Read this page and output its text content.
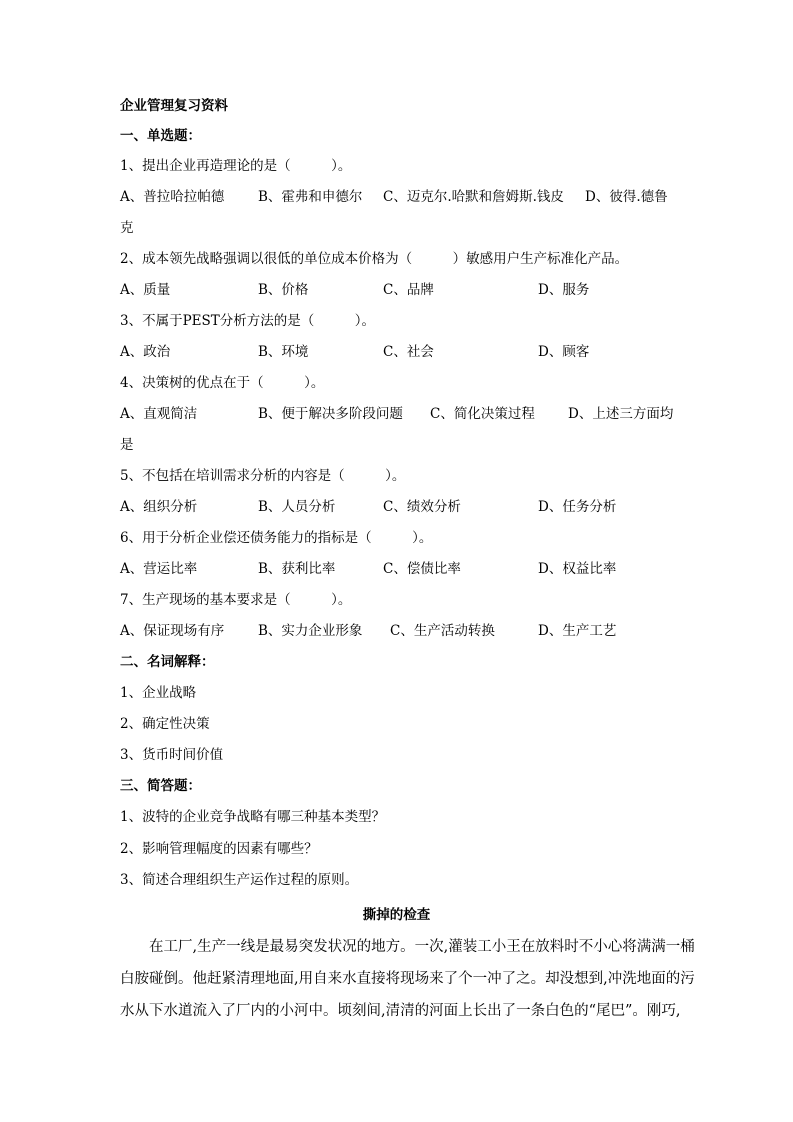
企业管理复习资料
一、单选题：
1、提出企业再造理论的是（　　　）。
A、普拉哈拉帕德	B、霍弗和申德尔 C、迈克尔.哈默和詹姆斯.钱皮 D、彼得.德鲁
克
2、成本领先战略强调以很低的单位成本价格为（　　　）敏感用户生产标准化产品。
A、质量	B、价格	C、品牌	D、服务
3、不属于PEST分析方法的是（　　　）。
A、政治	B、环境	C、社会	D、顾客
4、决策树的优点在于（　　　）。
A、直观简洁	B、便于解决多阶段问题 C、简化决策过程 D、上述三方面均
是
5、不包括在培训需求分析的内容是（　　　）。
A、组织分析	B、人员分析	C、绩效分析	D、任务分析
6、用于分析企业偿还债务能力的指标是（　　　）。
A、营运比率	B、获利比率	C、偿债比率	D、权益比率
7、生产现场的基本要求是（　　　）。
A、保证现场有序	B、实力企业形象 C、生产活动转换	D、生产工艺
二、名词解释：
1、企业战略
2、确定性决策
3、货币时间价值
三、简答题：
1、波特的企业竞争战略有哪三种基本类型？
2、影响管理幅度的因素有哪些？
3、简述合理组织生产运作过程的原则。
撕掉的检查
　　在工厂,生产一线是最易突发状况的地方。一次,灌装工小王在放料时不小心将满满一桶
白胺碰倒。他赶紧清理地面,用自来水直接将现场来了个一冲了之。却没想到,冲洗地面的污
水从下水道流入了厂内的小河中。顷刻间,清清的河面上长出了一条白色的“尾巴”。刚巧,
